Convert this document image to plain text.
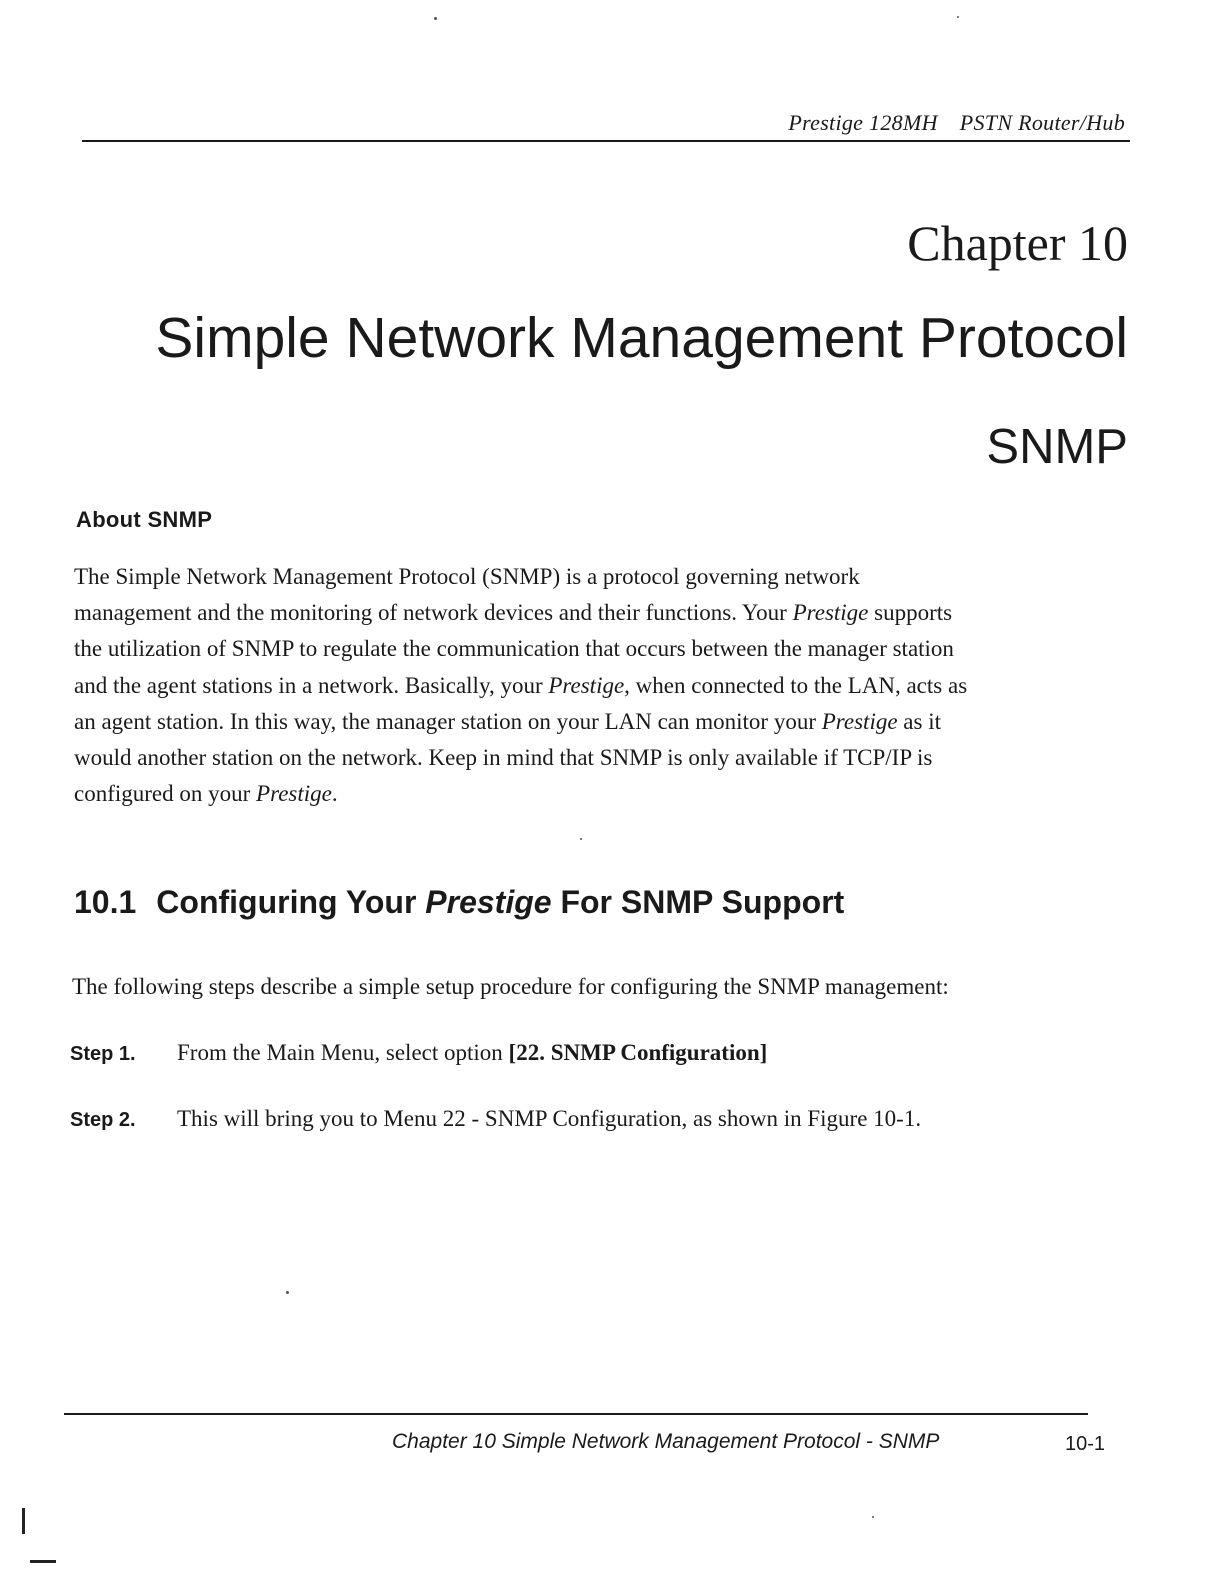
Prestige 128MH PSTN Router/Hub
Chapter 10
Simple Network Management Protocol
SNMP
About SNMP
The Simple Network Management Protocol (SNMP) is a protocol governing network
management and the monitoring of network devices and their functions. Your Prestige supports
the utilization of SNMP to regulate the communication that occurs between the manager station
and the agent stations in a network. Basically, your Prestige, when connected to the LAN, acts as
an agent station. In this way, the manager station on your LAN can monitor your Prestige as it
would another station on the network. Keep in mind that SNMP is only available if TCP/IP is
configured on your Prestige.
10.1 Configuring Your Prestige For SNMP Support
The following steps describe a simple setup procedure for configuring the SNMP management:
Step 1. From the Main Menu, select option [22. SNMP Configuration]
Step 2. This will bring you to Menu 22 - SNMP Configuration, as shown in Figure 10-1.
Chapter 10 Simple Network Management Protocol - SNMP	10-1
